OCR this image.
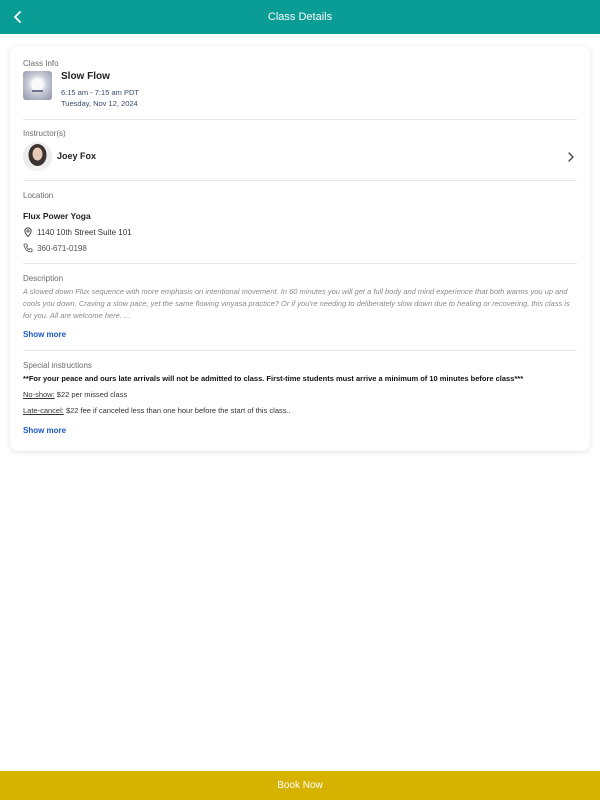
Class Details
Class Info
Slow Flow
6:15 am - 7:15 am PDT
Tuesday, Nov 12, 2024
Instructor(s)
Joey Fox
Location
Flux Power Yoga
1140 10th Street Suite 101
360-671-0198
Description
A slowed down Flux sequence with more emphasis on intentional movement. In 60 minutes you will get a full body and mind experience that both warms you up and cools you down. Craving a slow pace, yet the same flowing vinyasa practice? Or if you're needing to deliberately slow down due to healing or recovering, this class is for you. All are welcome here. ...
Show more
Special instructions
**For your peace and ours late arrivals will not be admitted to class. First-time students must arrive a minimum of 10 minutes before class***
No-show: $22 per missed class
Late-cancel: $22 fee if canceled less than one hour before the start of this class..
Show more
Book Now
